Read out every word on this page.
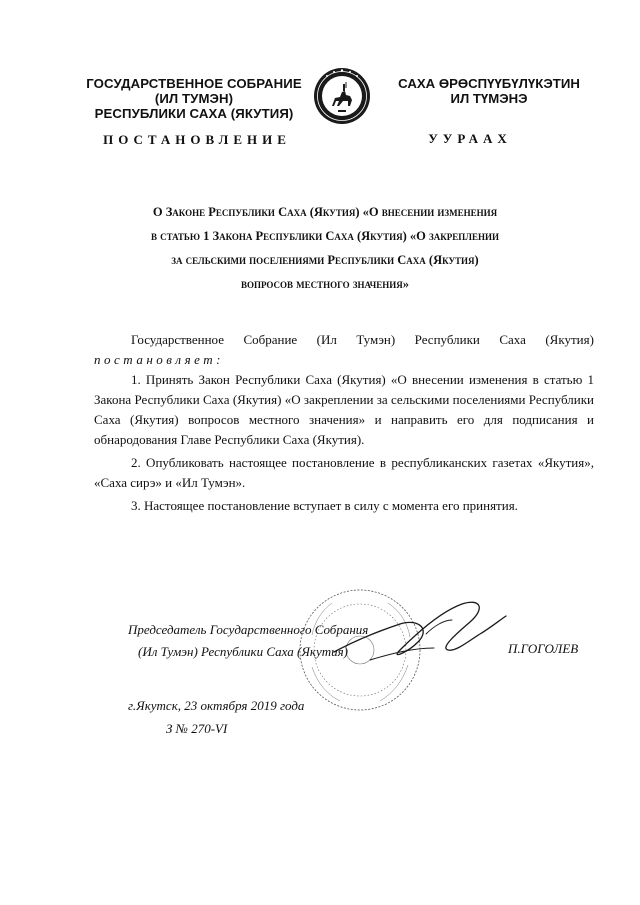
ГОСУДАРСТВЕННОЕ СОБРАНИЕ
(ИЛ ТУМЭН)
РЕСПУБЛИКИ САХА (ЯКУТИЯ)
САХА ӨРӨСПҮҮБҮЛҮКЭТИН
ИЛ ТҮМЭНЭ
ПОСТАНОВЛЕНИЕ	УУРААХ
О Законе Республики Саха (Якутия) «О внесении изменения
в статью 1 Закона Республики Саха (Якутия) «О закреплении
за сельскими поселениями Республики Саха (Якутия)
вопросов местного значения»
Государственное Собрание (Ил Тумэн) Республики Саха (Якутия)

постановляет:

1. Принять Закон Республики Саха (Якутия) «О внесении изменения в статью 1 Закона Республики Саха (Якутия) «О закреплении за сельскими поселениями Республики Саха (Якутия) вопросов местного значения» и направить его для подписания и обнародования Главе Республики Саха (Якутия).

2. Опубликовать настоящее постановление в республиканских газетах «Якутия», «Саха сирэ» и «Ил Тумэн».

3. Настоящее постановление вступает в силу с момента его принятия.

Председатель Государственного Собрания
(Ил Тумэн) Республики Саха (Якутия)	П.ГОГОЛЕВ
г.Якутск, 23 октября 2019 года
З № 270-VI
